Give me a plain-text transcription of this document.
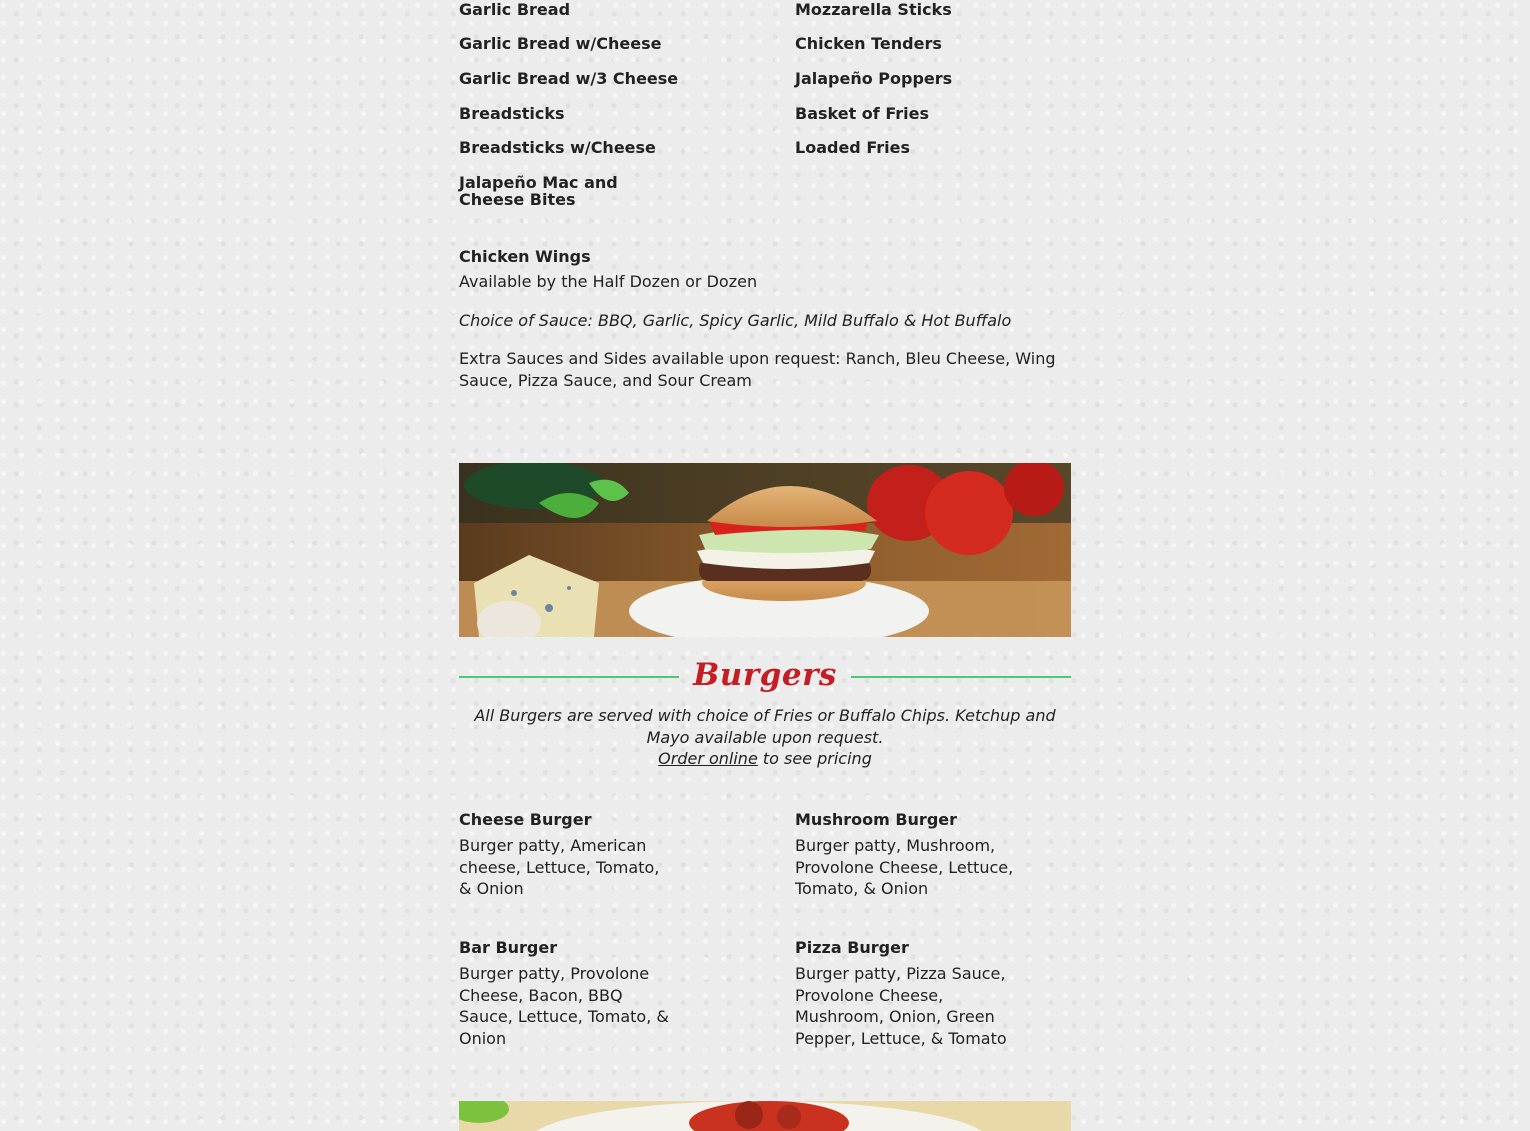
Garlic Bread
Garlic Bread w/Cheese
Garlic Bread w/3 Cheese
Breadsticks
Breadsticks w/Cheese
Jalapeño Mac and Cheese Bites
Mozzarella Sticks
Chicken Tenders
Jalapeño Poppers
Basket of Fries
Loaded Fries
Chicken Wings
Available by the Half Dozen or Dozen
Choice of Sauce: BBQ, Garlic, Spicy Garlic, Mild Buffalo & Hot Buffalo
Extra Sauces and Sides available upon request: Ranch, Bleu Cheese, Wing Sauce, Pizza Sauce, and Sour Cream
Burgers
All Burgers are served with choice of Fries or Buffalo Chips. Ketchup and Mayo available upon request.
Order online to see pricing
Cheese Burger
Burger patty, American cheese, Lettuce, Tomato, & Onion
Mushroom Burger
Burger patty, Mushroom, Provolone Cheese, Lettuce, Tomato, & Onion
Bar Burger
Burger patty, Provolone Cheese, Bacon, BBQ Sauce, Lettuce, Tomato, & Onion
Pizza Burger
Burger patty, Pizza Sauce, Provolone Cheese, Mushroom, Onion, Green Pepper, Lettuce, & Tomato
